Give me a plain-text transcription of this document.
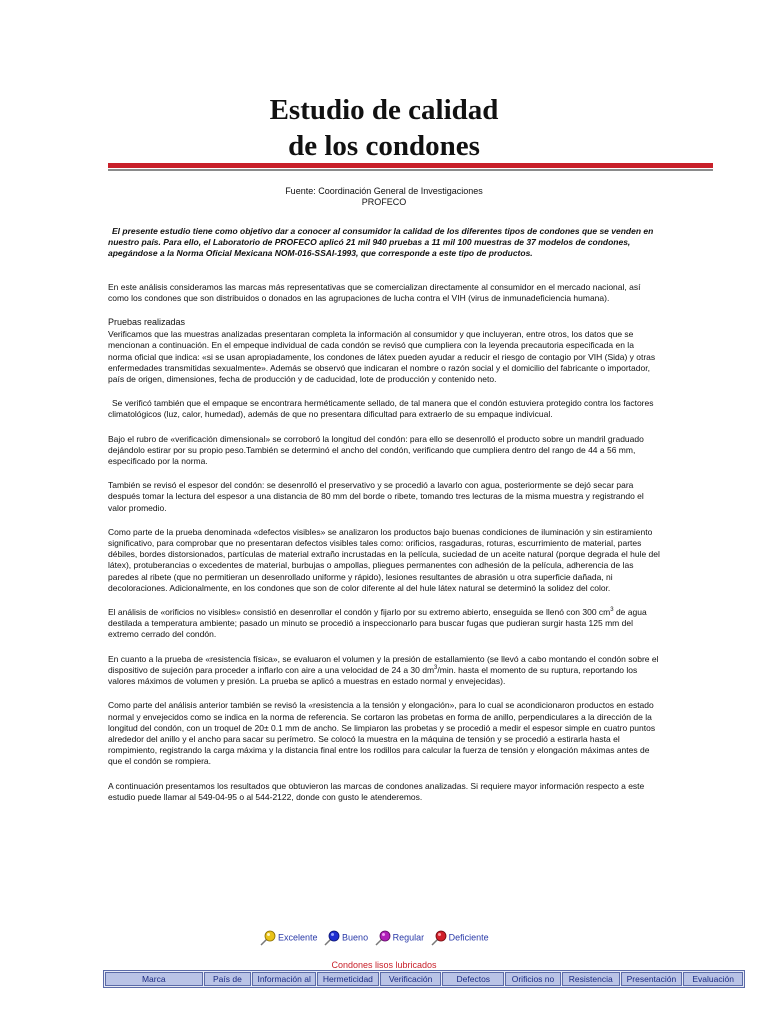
Estudio de calidad
de los condones
Fuente: Coordinación General de Investigaciones
PROFECO

El presente estudio tiene como objetivo dar a conocer al consumidor la calidad de los diferentes tipos de condones que se venden en nuestro país. Para ello, el Laboratorio de PROFECO aplicó 21 mil 940 pruebas a 11 mil 100 muestras de 37 modelos de condones, apegándose a la Norma Oficial Mexicana NOM-016-SSAI-1993, que corresponde a este tipo de productos.

En este análisis consideramos las marcas más representativas que se comercializan directamente al consumidor en el mercado nacional, así como los condones que son distribuidos o donados en las agrupaciones de lucha contra el VIH (virus de inmunadeficiencia humana).

Pruebas realizadas
Verificamos que las muestras analizadas presentaran completa la información al consumidor y que incluyeran, entre otros, los datos que se mencionan a continuación. En el empeque individual de cada condón se revisó que cumpliera con la leyenda precautoria especificada en la norma oficial que indica: «si se usan apropiadamente, los condones de látex pueden ayudar a reducir el riesgo de contagio por VIH (Sida) y otras enfermedades transmitidas sexualmente». Además se observó que indicaran el nombre o razón social y el domicilio del fabricante o importador, país de origen, dimensiones, fecha de producción y de caducidad, lote de producción y contenido neto.

Se verificó también que el empaque se encontrara herméticamente sellado, de tal manera que el condón estuviera protegido contra los factores climatológicos (luz, calor, humedad), además de que no presentara dificultad para extraerlo de su empaque indivicual.

Bajo el rubro de «verificación dimensional» se corroboró la longitud del condón: para ello se desenrolló el producto sobre un mandril graduado dejándolo estirar por su propio peso.También se determinó el ancho del condón, verificando que cumpliera dentro del rango de 44 a 56 mm, especificado por la norma.

También se revisó el espesor del condón: se desenrolló el preservativo y se procedió a lavarlo con agua, posteriormente se dejó secar para después tomar la lectura del espesor a una distancia de 80 mm del borde o ribete, tomando tres lecturas de la misma muestra y registrando el valor promedio.

Como parte de la prueba denominada «defectos visibles» se analizaron los productos bajo buenas condiciones de iluminación y sin estiramiento significativo, para comprobar que no presentaran defectos visibles tales como: orificios, rasgaduras, roturas, escurrimiento de material, partes débiles, bordes distorsionados, partículas de material extraño incrustadas en la película, suciedad de un aceite natural (porque degrada el hule del látex), protuberancias o excedentes de material, burbujas o ampollas, pliegues permanentes con adhesión de la película, adherencia de las paredes al ribete (que no permitieran un desenrollado uniforme y rápido), lesiones resultantes de abrasión u otra superficie dañada, ni decoloraciones. Adicionalmente, en los condones que son de color diferente al del hule látex natural se determinó la solidez del color.

El análisis de «orificios no visibles» consistió en desenrollar el condón y fijarlo por su extremo abierto, enseguida se llenó con 300 $cm^3$ de agua destilada a temperatura ambiente; pasado un minuto se procedió a inspeccionarlo para buscar fugas que pudieran surgir hasta 125 mm del extremo cerrado del condón.

En cuanto a la prueba de «resistencia física», se evaluaron el volumen y la presión de estallamiento (se llevó a cabo montando el condón sobre el dispositivo de sujeción para proceder a inflarlo con aire a una velocidad de 24 a 30 $dm^3/\min$. hasta el momento de su ruptura, reportando los valores máximos de volumen y presión. La prueba se aplicó a muestras en estado normal y envejecidas).

Como parte del análisis anterior también se revisó la «resistencia a la tensión y elongación», para lo cual se acondicionaron productos en estado normal y envejecidos como se indica en la norma de referencia. Se cortaron las probetas en forma de anillo, perpendiculares a la dirección de la longitud del condón, con un troquel de 20± 0.1 mm de ancho. Se limpiaron las probetas y se procedió a medir el espesor simple en cuatro puntos alrededor del anillo y el ancho para sacar su perímetro. Se colocó la muestra en la máquina de tensión y se procedió a estirarla hasta el rompimiento, registrando la carga máxima y la distancia final entre los rodillos para calcular la fuerza de tensión y elongación máximas antes de que el condón se rompiera.

A continuación presentamos los resultados que obtuvieron las marcas de condones analizadas. Si requiere mayor información respecto a este estudio puede llamar al 549-04-95 o al 544-2122, donde con gusto le atenderemos.

Excelente	Bueno	Regular	Deficiente
Condones lisos lubricados
Marca	País de	Información al	Hermeticidad	Verificación	Defectos	Orificios no	Resistencia	Presentación	Evaluación
